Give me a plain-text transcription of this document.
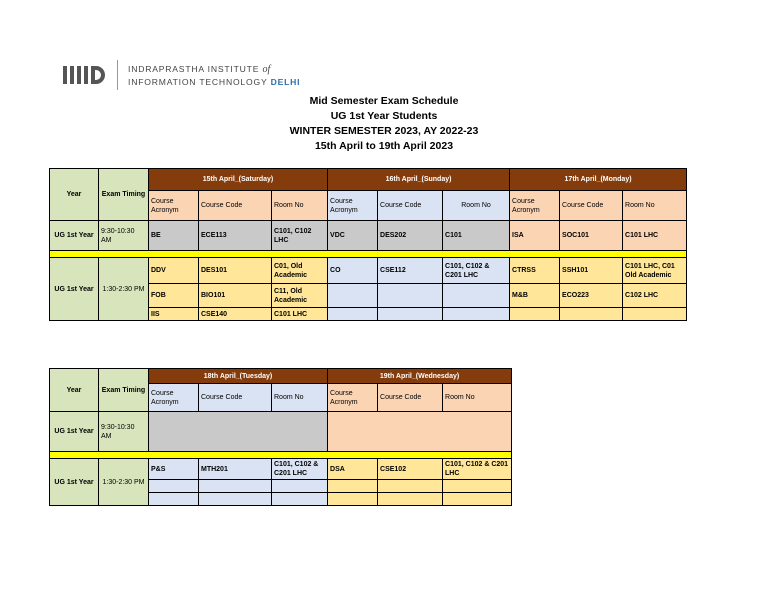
INDRAPRASTHA INSTITUTE of
INFORMATION TECHNOLOGY DELHI
Mid Semester Exam Schedule
UG 1st Year Students
WINTER SEMESTER 2023, AY 2022-23
15th April to 19th April 2023
Year	Exam Timing	15th April_(Saturday)			16th April_(Sunday)			17th April_(Monday)		
		Course Acronym	Course Code	Room No	Course Acronym	Course Code	Room No	Course Acronym	Course Code	Room No
UG 1st Year	9:30-10:30 AM	BE	ECE113	C101, C102 LHC	VDC	DES202	C101	ISA	SOC101	C101 LHC

UG 1st Year	1:30-2:30 PM	DDV	DES101	C01, Old Academic	CO	CSE112	C101, C102 & C201 LHC	CTRSS	SSH101	C101 LHC, C01 Old Academic
		FOB	BIO101	C11, Old Academic				M&B	ECO223	C102 LHC
		IIS	CSE140	C101 LHC						
Year	Exam Timing	18th April_(Tuesday)			19th April_(Wednesday)		
		Course Acronym	Course Code	Room No	Course Acronym	Course Code	Room No
UG 1st Year	9:30-10:30 AM						

UG 1st Year	1:30-2:30 PM	P&S	MTH201	C101, C102 & C201 LHC	DSA	CSE102	C101, C102 & C201 LHC
